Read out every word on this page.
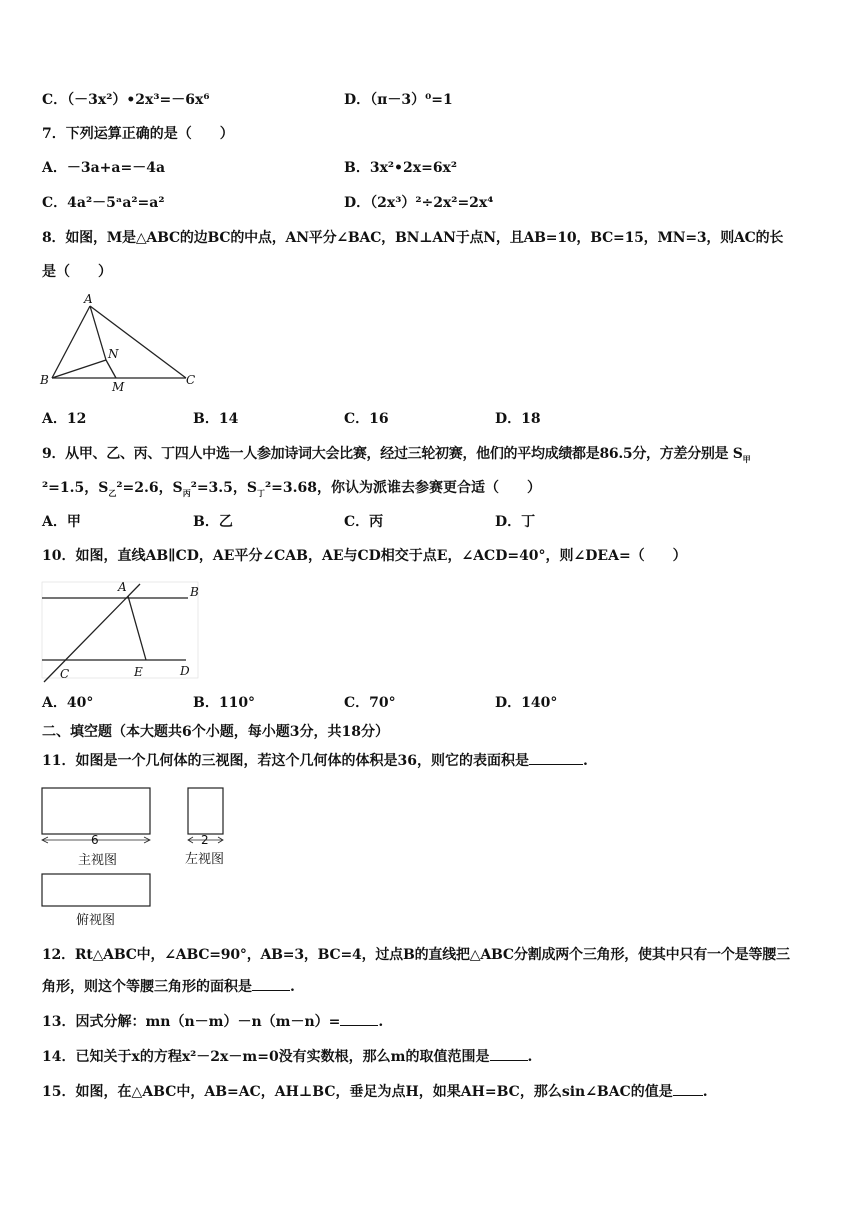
C．（－3x²）•2x³=－6x⁶	D．（π－3）⁰=1
7．下列运算正确的是（　　）
A．－3a+a=－4a	B．3x²•2x=6x²
C．4a²－5ᵃa²=a²	D．（2x³）²÷2x²=2x⁴
8．如图，M是△ABC的边BC的中点，AN平分∠BAC，BN⊥AN于点N，且AB=10，BC=15，MN=3，则AC的长
是（　　）
A
B	C
N
M
A．12	B．14	C．16	D．18
9．从甲、乙、丙、丁四人中选一人参加诗词大会比赛，经过三轮初赛，他们的平均成绩都是86.5分，方差分别是 $S_甲$
²=1.5，$S_乙^2=2.6$，$S_丙^2=3.5$，$S_丁^2=3.68$，你认为派谁去参赛更合适（　　）
A．甲	B．乙	C．丙	D．丁
10．如图，直线AB∥CD，AE平分∠CAB，AE与CD相交于点E，∠ACD=40°，则∠DEA=（　　）
A	B
C	E	D
A．40°	B．110°	C．70°	D．140°
二、填空题（本大题共6个小题，每小题3分，共18分）
11．如图是一个几何体的三视图，若这个几何体的体积是36，则它的表面积是	.
6	2
主视图	左视图
俯视图
12．Rt△ABC中，∠ABC=90°，AB=3，BC=4，过点B的直线把△ABC分割成两个三角形，使其中只有一个是等腰三
角形，则这个等腰三角形的面积是	.
13．因式分解：mn（n－m）－n（m－n）=	.
14．已知关于x的方程x²－2x－m=0没有实数根，那么m的取值范围是	.
15．如图，在△ABC中，AB=AC，AH⊥BC，垂足为点H，如果AH=BC，那么sin∠BAC的值是 .
